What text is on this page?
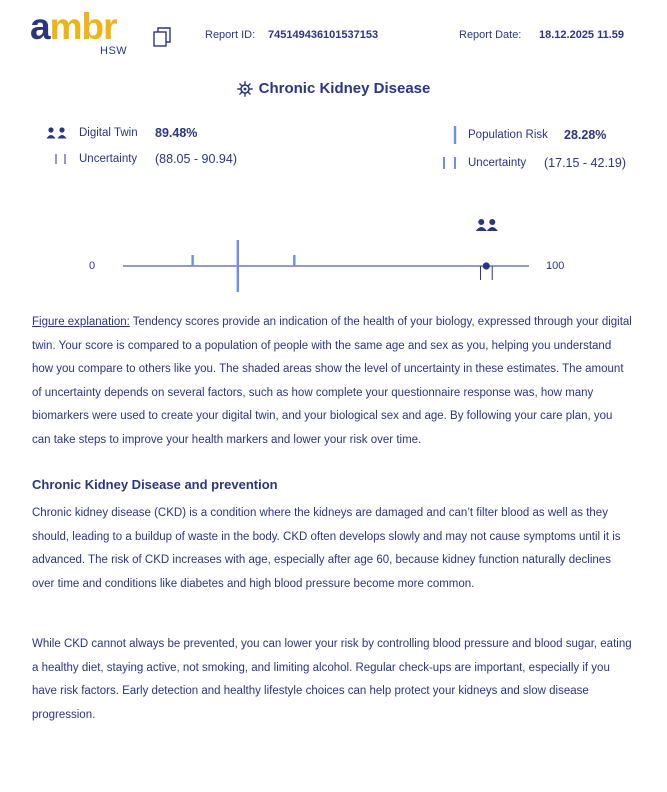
ambr
HSW
Report ID: 745149436101537153	Report Date: 18.12.2025 11.59
Chronic Kidney Disease
Digital Twin 89.48%
Uncertainty (88.05 - 90.94)
Population Risk 28.28%
Uncertainty (17.15 - 42.19)
0	100
Figure explanation: Tendency scores provide an indication of the health of your biology, expressed through your digital twin. Your score is compared to a population of people with the same age and sex as you, helping you understand how you compare to others like you. The shaded areas show the level of uncertainty in these estimates. The amount of uncertainty depends on several factors, such as how complete your questionnaire response was, how many biomarkers were used to create your digital twin, and your biological sex and age. By following your care plan, you can take steps to improve your health markers and lower your risk over time.
Chronic Kidney Disease and prevention
Chronic kidney disease (CKD) is a condition where the kidneys are damaged and can’t filter blood as well as they should, leading to a buildup of waste in the body. CKD often develops slowly and may not cause symptoms until it is advanced. The risk of CKD increases with age, especially after age 60, because kidney function naturally declines over time and conditions like diabetes and high blood pressure become more common.
While CKD cannot always be prevented, you can lower your risk by controlling blood pressure and blood sugar, eating a healthy diet, staying active, not smoking, and limiting alcohol. Regular check-ups are important, especially if you have risk factors. Early detection and healthy lifestyle choices can help protect your kidneys and slow disease progression.
